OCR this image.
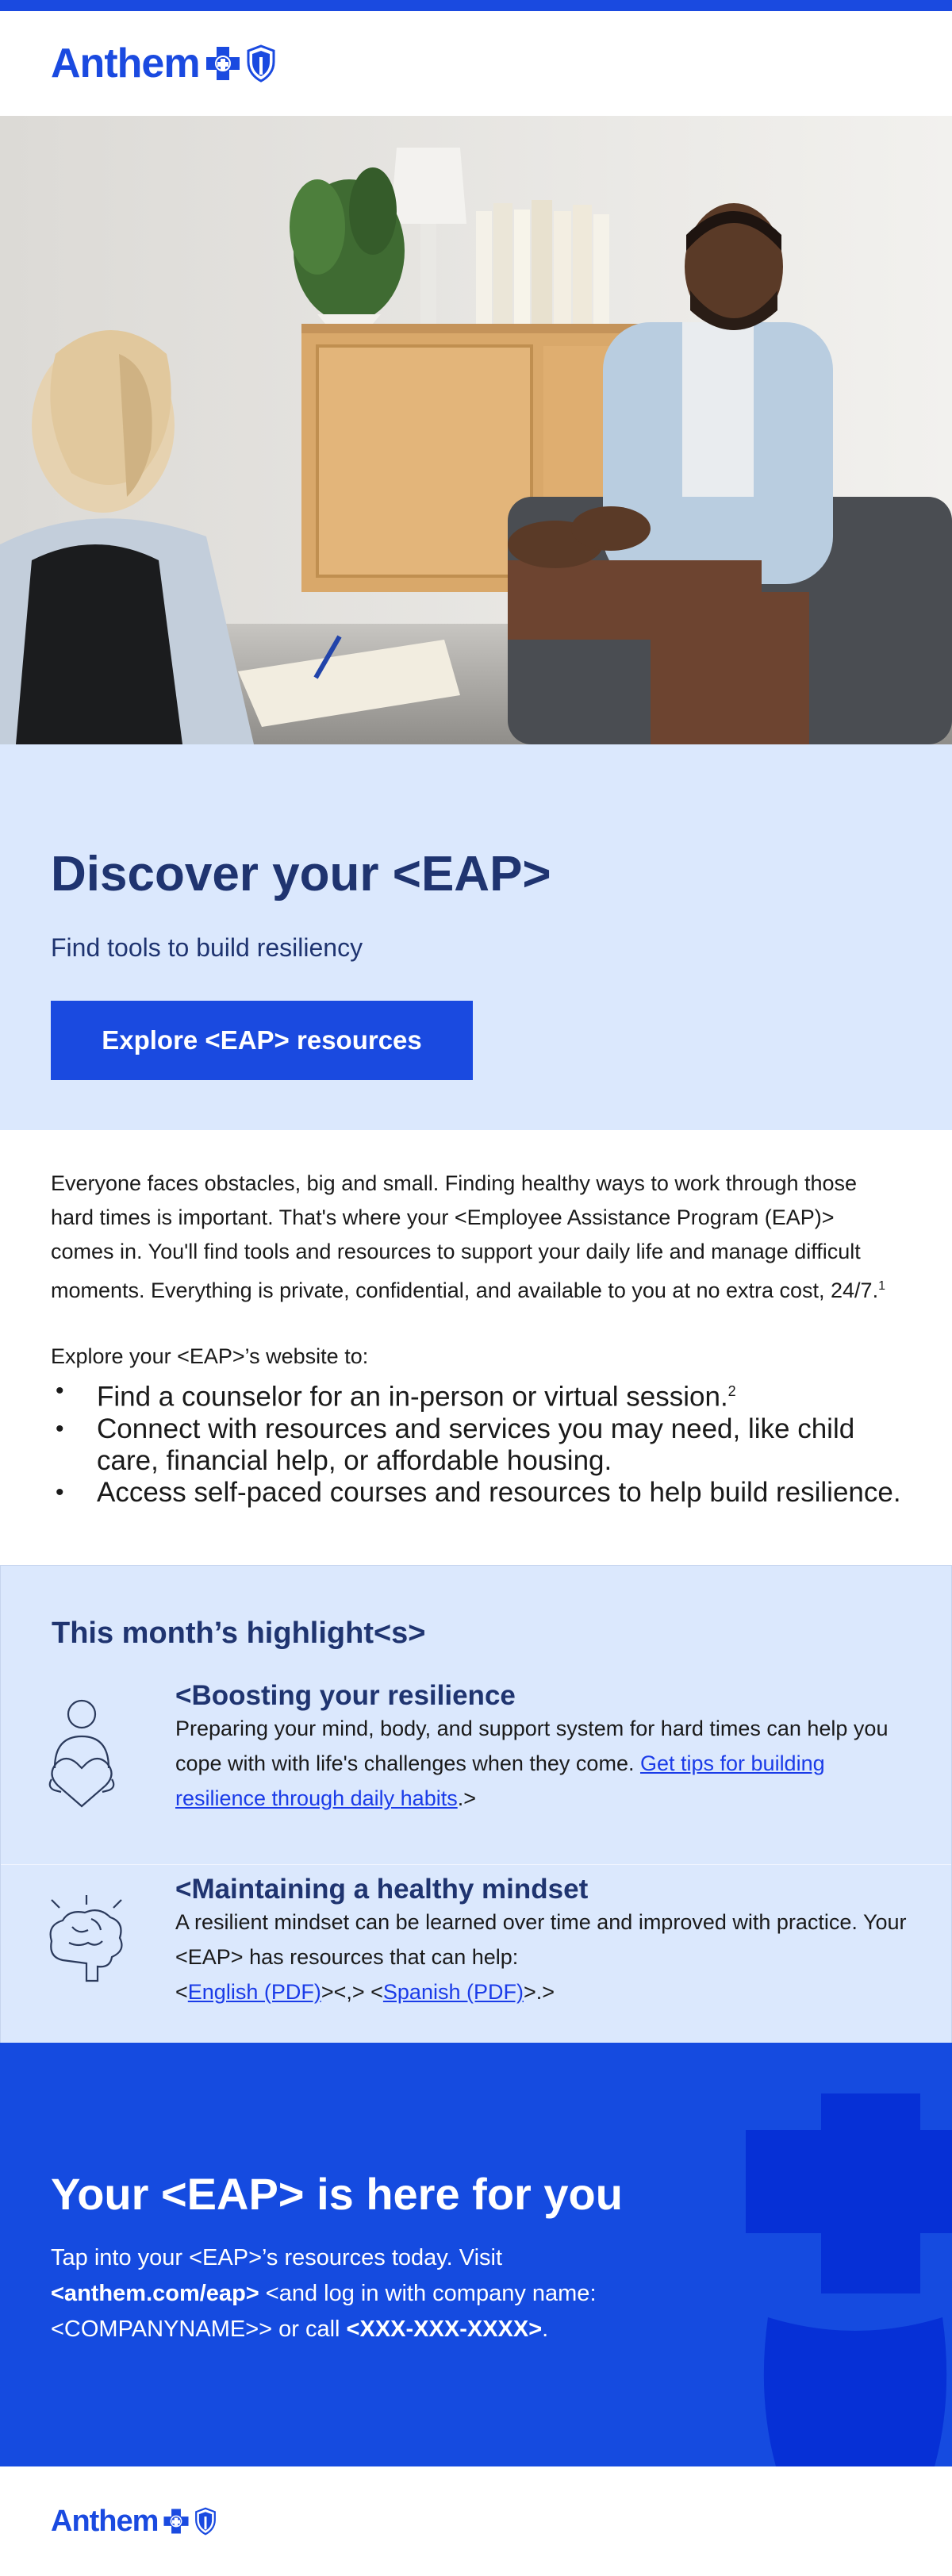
Anthem
Discover your <EAP>

Find tools to build resiliency

Explore <EAP> resources

Everyone faces obstacles, big and small. Finding healthy ways to work through those hard times is important. That's where your <Employee Assistance Program (EAP)> comes in. You'll find tools and resources to support your daily life and manage difficult moments. Everything is private, confidential, and available to you at no extra cost, 24/7.$^1$

Explore your <EAP>’s website to:

• Find a counselor for an in-person or virtual session.$^2$
• Connect with resources and services you may need, like child care, financial help, or affordable housing.
• Access self-paced courses and resources to help build resilience.
This month’s highlight<s>
<Boosting your resilience

Preparing your mind, body, and support system for hard times can help you cope with with life's challenges when they come. Get tips for building resilience through daily habits.>

<Maintaining a healthy mindset

A resilient mindset can be learned over time and improved with practice. Your <EAP> has resources that can help:
<English (PDF)><,> <Spanish (PDF)>.>

Your <EAP> is here for you

Tap into your <EAP>’s resources today. Visit <anthem.com/eap> <and log in with company name: <COMPANYNAME>> or call <XXX-XXX-XXXX>.

Anthem
